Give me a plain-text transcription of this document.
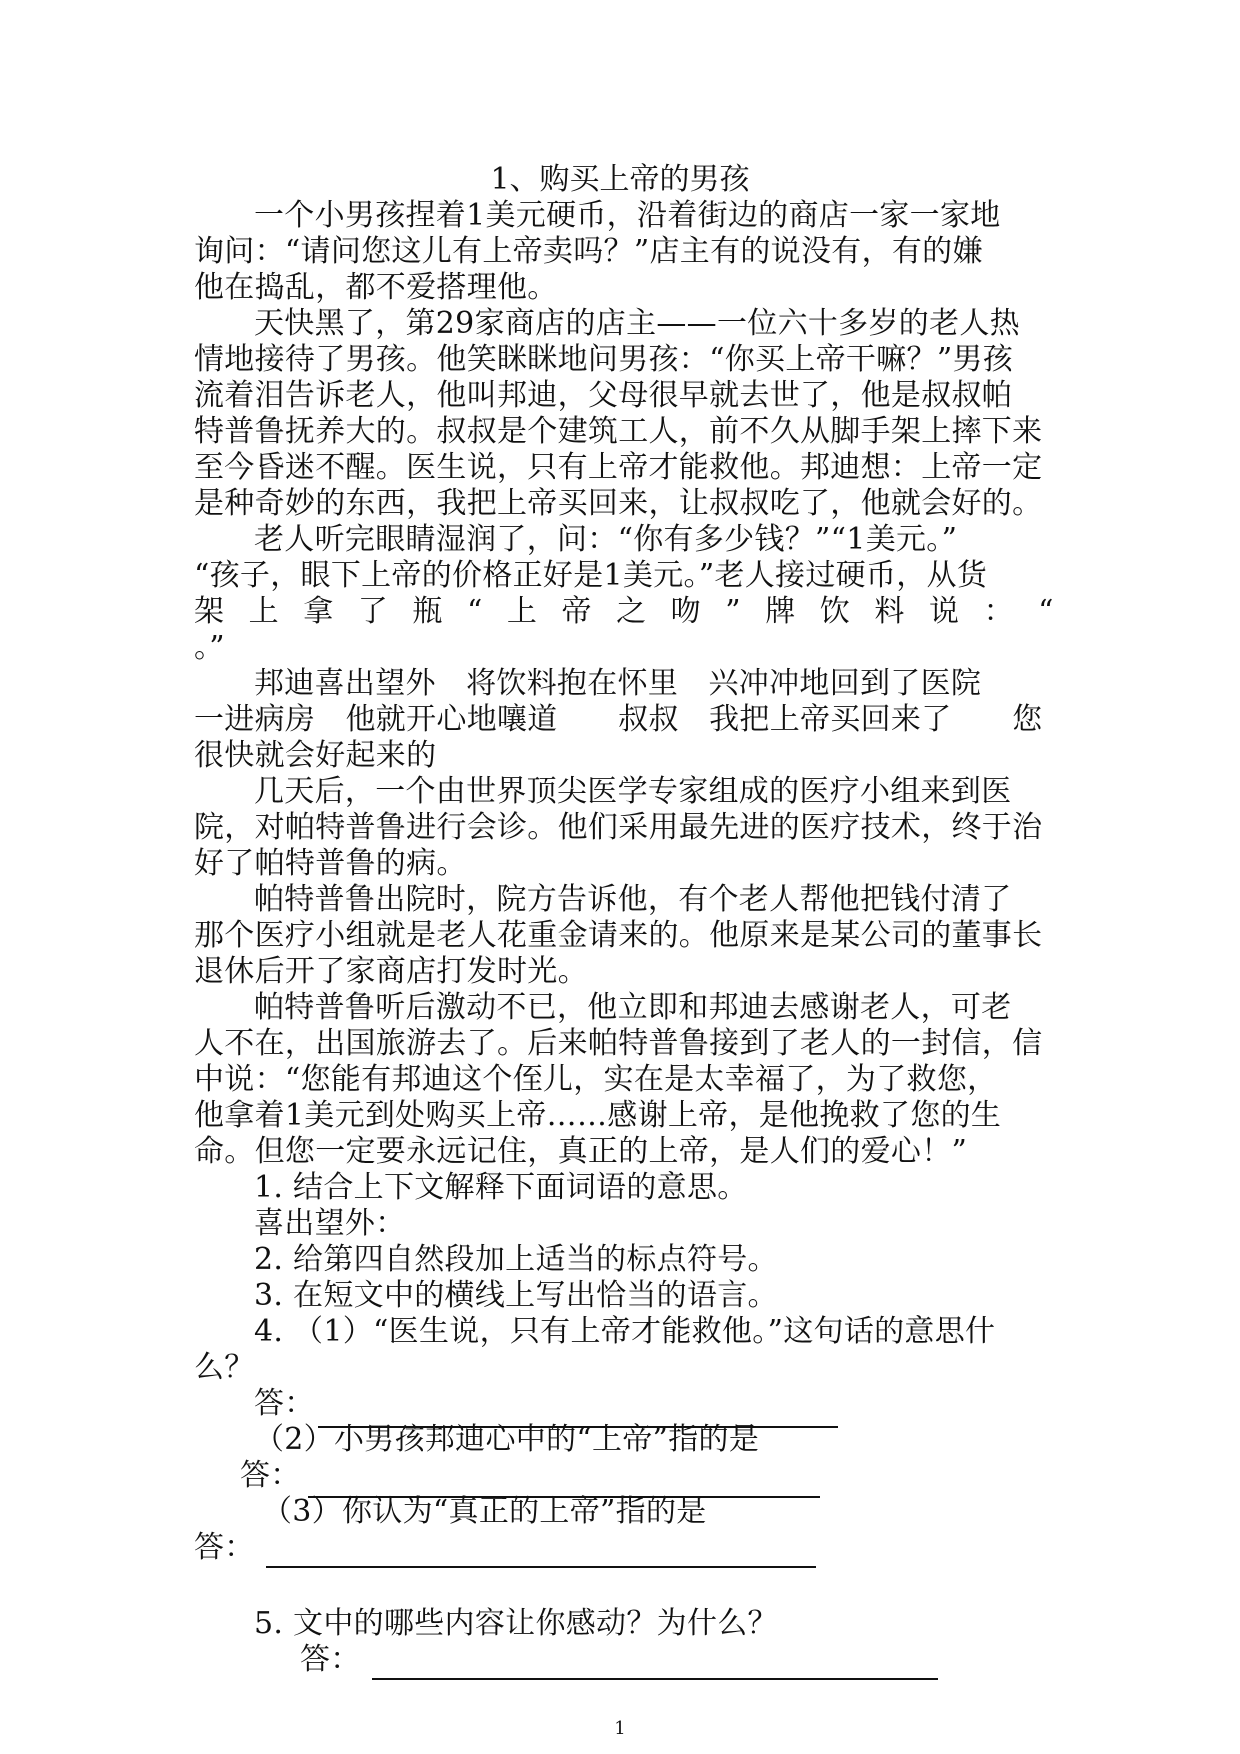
1、购买上帝的男孩
一个小男孩捏着1美元硬币，沿着街边的商店一家一家地
询问：“请问您这儿有上帝卖吗？”店主有的说没有，有的嫌
他在捣乱，都不爱搭理他。
天快黑了，第29家商店的店主——一位六十多岁的老人热
情地接待了男孩。他笑眯眯地问男孩：“你买上帝干嘛？”男孩
流着泪告诉老人，他叫邦迪，父母很早就去世了，他是叔叔帕
特普鲁抚养大的。叔叔是个建筑工人，前不久从脚手架上摔下来
至今昏迷不醒。医生说，只有上帝才能救他。邦迪想：上帝一定
是种奇妙的东西，我把上帝买回来，让叔叔吃了，他就会好的。
老人听完眼睛湿润了，问：“你有多少钱？”“1美元。”
“孩子，眼下上帝的价格正好是1美元。”老人接过硬币，从货
架 上 拿 了 瓶 “ 上 帝 之 吻 ” 牌 饮 料 说 ： “
。”
邦迪喜出望外　将饮料抱在怀里　兴冲冲地回到了医院
一进病房　他就开心地嚷道　　叔叔　我把上帝买回来了　　您
很快就会好起来的
几天后，一个由世界顶尖医学专家组成的医疗小组来到医
院，对帕特普鲁进行会诊。他们采用最先进的医疗技术，终于治
好了帕特普鲁的病。
帕特普鲁出院时，院方告诉他，有个老人帮他把钱付清了
那个医疗小组就是老人花重金请来的。他原来是某公司的董事长
退休后开了家商店打发时光。
帕特普鲁听后激动不已，他立即和邦迪去感谢老人，可老
人不在，出国旅游去了。后来帕特普鲁接到了老人的一封信，信
中说：“您能有邦迪这个侄儿，实在是太幸福了，为了救您，
他拿着1美元到处购买上帝……感谢上帝，是他挽救了您的生
命。但您一定要永远记住，真正的上帝，是人们的爱心！”
1. 结合上下文解释下面词语的意思。
喜出望外：
2. 给第四自然段加上适当的标点符号。
3. 在短文中的横线上写出恰当的语言。
4. （1）“医生说，只有上帝才能救他。”这句话的意思什
么？
答：
（2）小男孩邦迪心中的“上帝”指的是
答：
（3）你认为“真正的上帝”指的是
答：
5. 文中的哪些内容让你感动？为什么？
答：
1
